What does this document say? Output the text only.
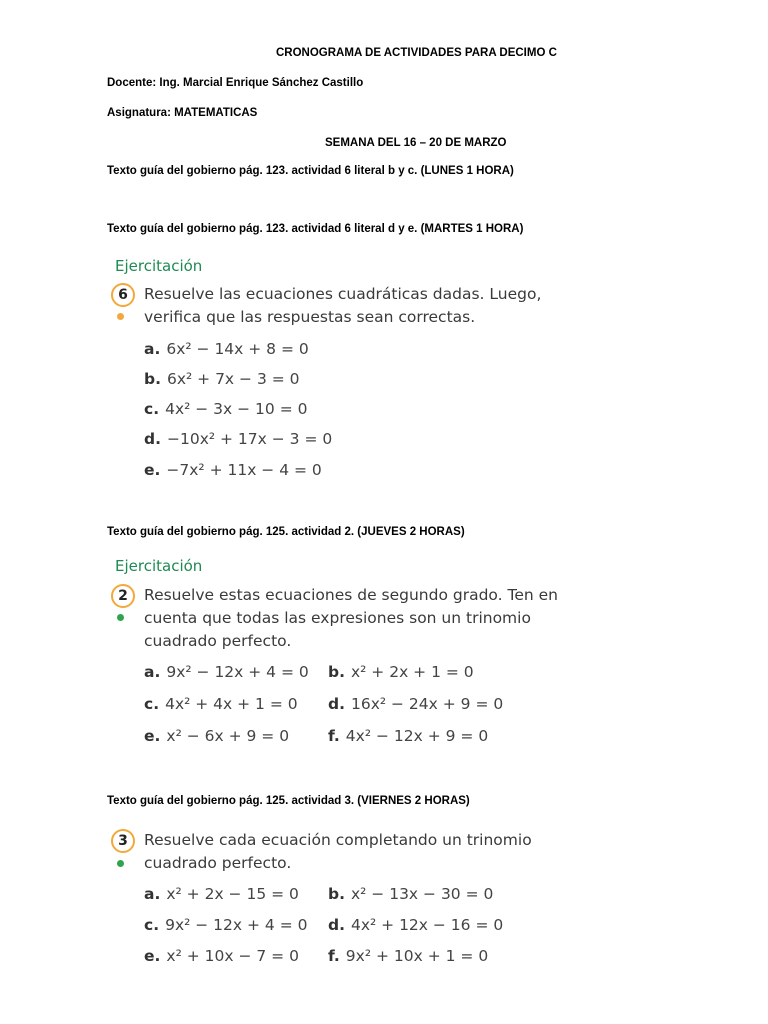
CRONOGRAMA DE ACTIVIDADES PARA DECIMO C

Docente: Ing. Marcial Enrique Sánchez Castillo

Asignatura: MATEMATICAS

SEMANA DEL 16 – 20 DE MARZO

Texto guía del gobierno pág. 123. actividad 6 literal b y c. (LUNES 1 HORA)

Texto guía del gobierno pág. 123. actividad 6 literal d y e. (MARTES 1 HORA)

Ejercitación
6	Resuelve las ecuaciones cuadráticas dadas. Luego,
verifica que las respuestas sean correctas.
a. 6x² − 14x + 8 = 0
b. 6x² + 7x − 3 = 0
c. 4x² − 3x − 10 = 0
d. −10x² + 17x − 3 = 0
e. −7x² + 11x − 4 = 0

Texto guía del gobierno pág. 125. actividad 2. (JUEVES 2 HORAS)

Ejercitación
2	Resuelve estas ecuaciones de segundo grado. Ten en
cuenta que todas las expresiones son un trinomio
cuadrado perfecto.
a. 9x² − 12x + 4 = 0 b. x² + 2x + 1 = 0
c. 4x² + 4x + 1 = 0 d. 16x² − 24x + 9 = 0
e. x² − 6x + 9 = 0	f. 4x² − 12x + 9 = 0

Texto guía del gobierno pág. 125. actividad 3. (VIERNES 2 HORAS)

3	Resuelve cada ecuación completando un trinomio
cuadrado perfecto.
a. x² + 2x − 15 = 0 b. x² − 13x − 30 = 0
c. 9x² − 12x + 4 = 0 d. 4x² + 12x − 16 = 0
e. x² + 10x − 7 = 0 f. 9x² + 10x + 1 = 0
